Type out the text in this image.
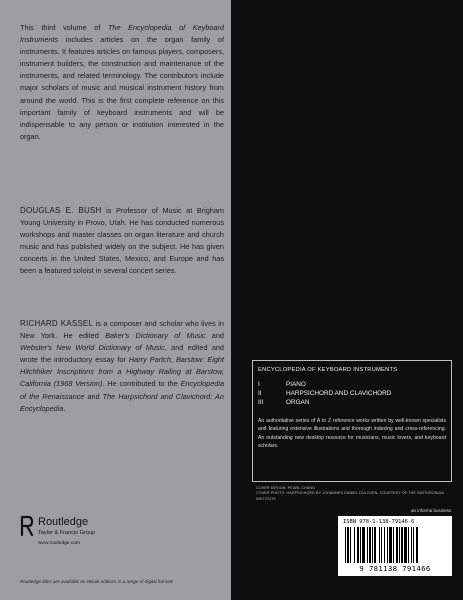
This third volume of The Encyclopedia of Keyboard Instruments includes articles on the organ family of instruments. It features articles on famous players, composers, instrument builders, the construction and maintenance of the instruments, and related terminology. The contributors include major scholars of music and musical instrument history from around the world. This is the first complete reference on this important family of keyboard instruments and will be indispensable to any person or institution interested in the organ.

DOUGLAS E. BUSH is Professor of Music at Brigham Young University in Provo, Utah. He has conducted numerous workshops and master classes on organ literature and church music and has published widely on the subject. He has given concerts in the United States, Mexico, and Europe and has been a featured soloist in several concert series.

RICHARD KASSEL is a composer and scholar who lives in New York. He edited Baker's Dictionary of Music and Webster's New World Dictionary of Music, and edited and wrote the introductory essay for Harry Partch, Barstow: Eight Hitchhiker Inscriptions from a Highway Railing at Barstow, California (1968 Version). He contributed to the Encyclopedia of the Renaissance and The Harpsichord and Clavichord: An Encyclopedia.

Routledge
Taylor & Francis Group
www.routledge.com
Routledge titles are available as eBook editions in a range of digital formats
ENCYCLOPEDIA OF KEYBOARD INSTRUMENTS
I	PIANO
II	HARPSICHORD AND CLAVICHORD
III	ORGAN

An authoritative series of A to Z reference works written by well-known specialists and featuring extensive illustrations and thorough indexing and cross-referencing. An outstanding new desktop resource for musicians, music lovers, and keyboard scholars.

COVER DESIGN: PEARL CHANG
COVER PHOTO: HARPSICHORD BY JOHANNES DANIEL DULCKEN, COURTESY OF THE SMITHSONIAN INSTITUTE
an informa business
ISBN 978-1-138-79146-6
9 781138 791466
